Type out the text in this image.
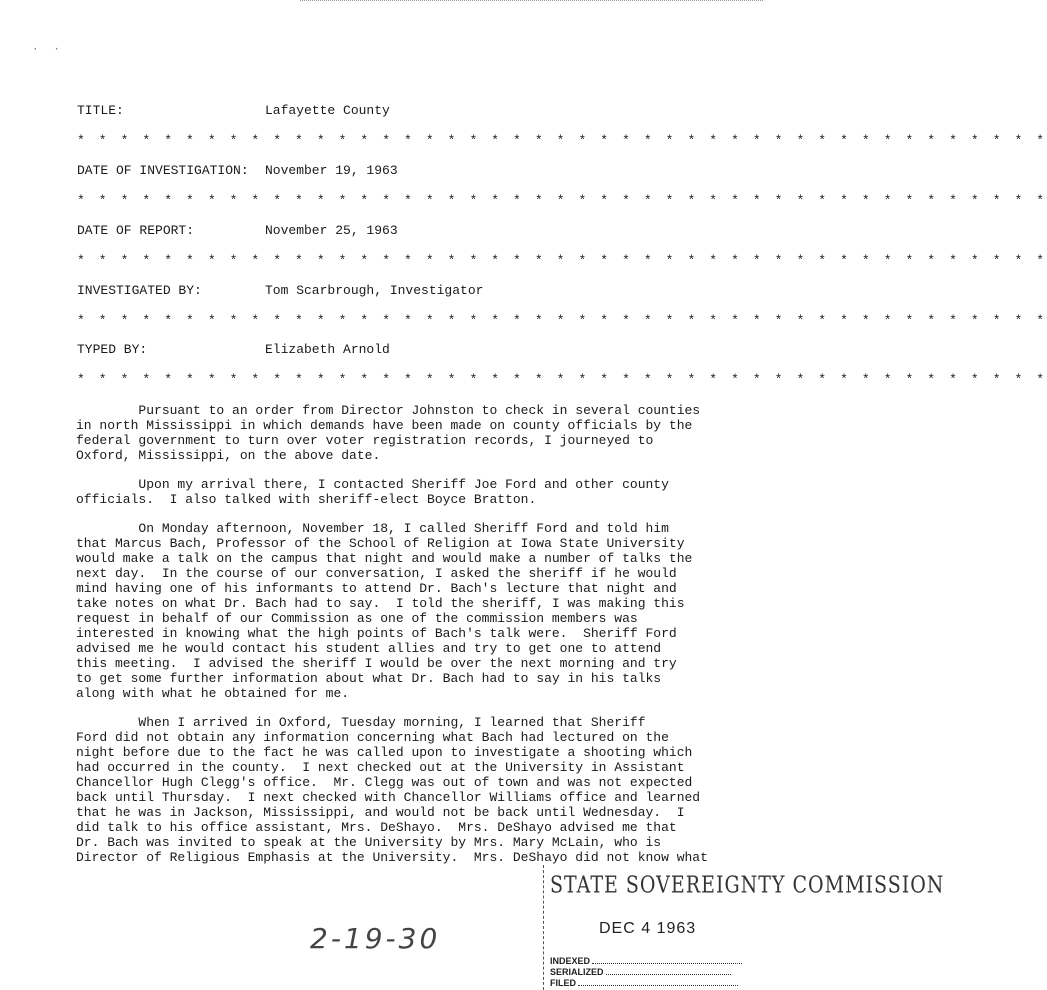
· ·
TITLE:	Lafayette County
* * * * * * * * * * * * * * * * * * * * * * * * * * * * * * * * * * * * * * * * * * * * *
DATE OF INVESTIGATION: November 19, 1963
* * * * * * * * * * * * * * * * * * * * * * * * * * * * * * * * * * * * * * * * * * * * *
DATE OF REPORT:	November 25, 1963
* * * * * * * * * * * * * * * * * * * * * * * * * * * * * * * * * * * * * * * * * * * * *
INVESTIGATED BY:	Tom Scarbrough, Investigator
* * * * * * * * * * * * * * * * * * * * * * * * * * * * * * * * * * * * * * * * * * * * *
TYPED BY:	Elizabeth Arnold
* * * * * * * * * * * * * * * * * * * * * * * * * * * * * * * * * * * * * * * * * * * * *
Pursuant to an order from Director Johnston to check in several counties
in north Mississippi in which demands have been made on county officials by the
federal government to turn over voter registration records, I journeyed to
Oxford, Mississippi, on the above date.
Upon my arrival there, I contacted Sheriff Joe Ford and other county
officials.  I also talked with sheriff-elect Boyce Bratton.
On Monday afternoon, November 18, I called Sheriff Ford and told him
that Marcus Bach, Professor of the School of Religion at Iowa State University
would make a talk on the campus that night and would make a number of talks the
next day.  In the course of our conversation, I asked the sheriff if he would
mind having one of his informants to attend Dr. Bach's lecture that night and
take notes on what Dr. Bach had to say.  I told the sheriff, I was making this
request in behalf of our Commission as one of the commission members was
interested in knowing what the high points of Bach's talk were.  Sheriff Ford
advised me he would contact his student allies and try to get one to attend
this meeting.  I advised the sheriff I would be over the next morning and try
to get some further information about what Dr. Bach had to say in his talks
along with what he obtained for me.
When I arrived in Oxford, Tuesday morning, I learned that Sheriff
Ford did not obtain any information concerning what Bach had lectured on the
night before due to the fact he was called upon to investigate a shooting which
had occurred in the county.  I next checked out at the University in Assistant
Chancellor Hugh Clegg's office.  Mr. Clegg was out of town and was not expected
back until Thursday.  I next checked with Chancellor Williams office and learned
that he was in Jackson, Mississippi, and would not be back until Wednesday.  I
did talk to his office assistant, Mrs. DeShayo.  Mrs. DeShayo advised me that
Dr. Bach was invited to speak at the University by Mrs. Mary McLain, who is
Director of Religious Emphasis at the University.  Mrs. DeShayo did not know what
STATE SOVEREIGNTY COMMISSION
DEC 4 1963
INDEXED
SERIALIZED
FILED
2-19-30
